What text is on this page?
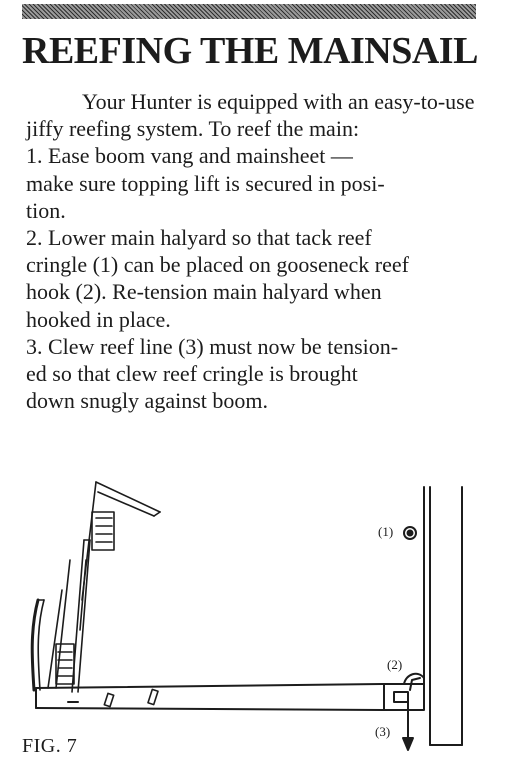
REEFING THE MAINSAIL

Your Hunter is equipped with an easy-to-use jiffy reefing system. To reef the main:

1. Ease boom vang and mainsheet —
make sure topping lift is secured in posi-
tion.

2. Lower main halyard so that tack reef
cringle (1) can be placed on gooseneck reef
hook (2). Re-tension main halyard when
hooked in place.

3. Clew reef line (3) must now be tension-
ed so that clew reef cringle is brought
down snugly against boom.

(1)
(2)
(3)
FIG. 7
